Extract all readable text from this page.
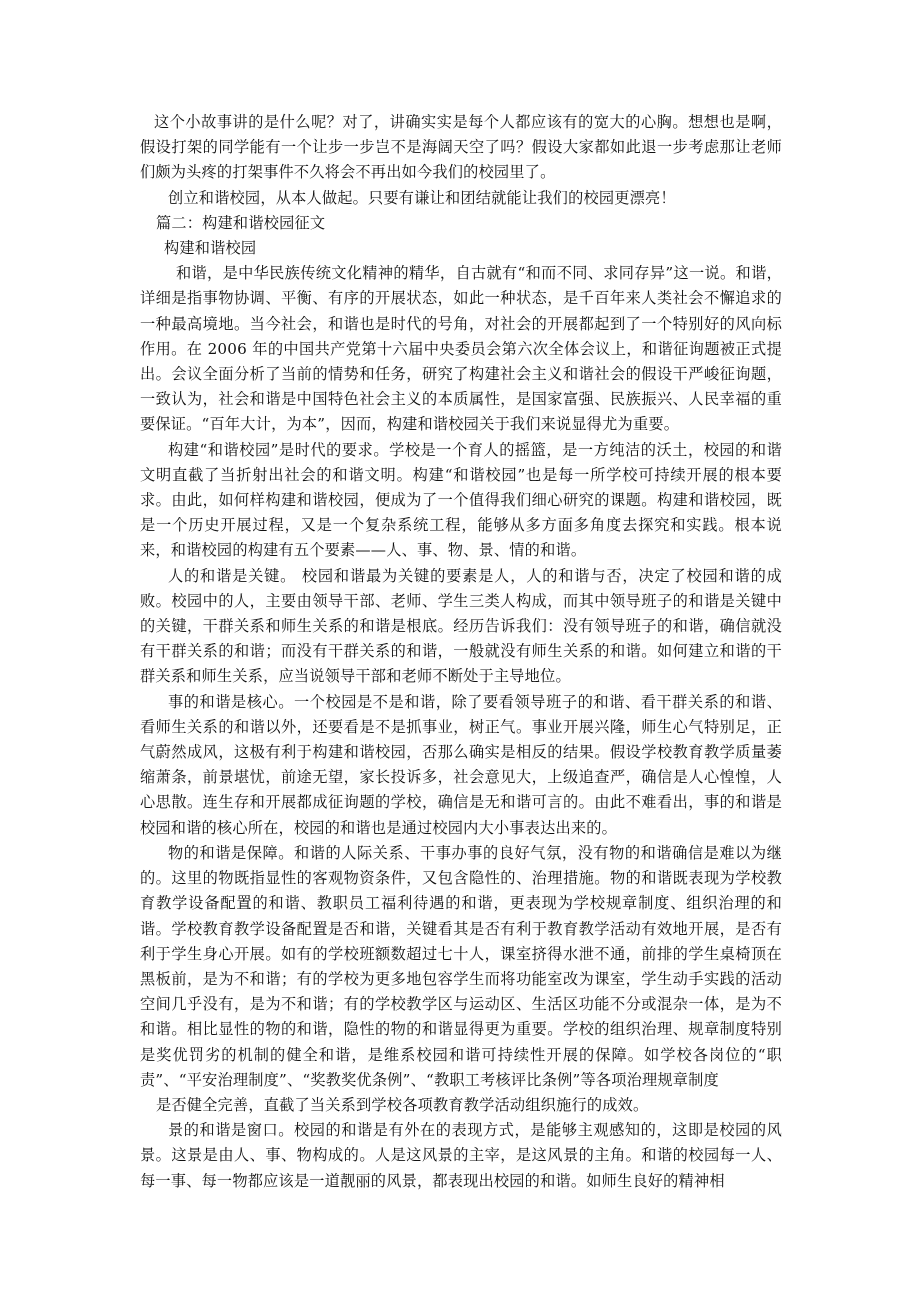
这个小故事讲的是什么呢？对了，讲确实实是每个人都应该有的宽大的心胸。想想也是啊，假设打架的同学能有一个让步一步岂不是海阔天空了吗？假设大家都如此退一步考虑那让老师们颇为头疼的打架事件不久将会不再出如今我们的校园里了。

创立和谐校园，从本人做起。只要有谦让和团结就能让我们的校园更漂亮！

篇二：构建和谐校园征文

构建和谐校园

和谐，是中华民族传统文化精神的精华，自古就有“和而不同、求同存异”这一说。和谐，详细是指事物协调、平衡、有序的开展状态，如此一种状态，是千百年来人类社会不懈追求的一种最高境地。当今社会，和谐也是时代的号角，对社会的开展都起到了一个特别好的风向标作用。在 2006 年的中国共产党第十六届中央委员会第六次全体会议上，和谐征询题被正式提出。会议全面分析了当前的情势和任务，研究了构建社会主义和谐社会的假设干严峻征询题，一致认为，社会和谐是中国特色社会主义的本质属性，是国家富强、民族振兴、人民幸福的重要保证。“百年大计，为本”，因而，构建和谐校园关于我们来说显得尤为重要。

构建“和谐校园”是时代的要求。学校是一个育人的摇篮，是一方纯洁的沃土，校园的和谐文明直截了当折射出社会的和谐文明。构建“和谐校园”也是每一所学校可持续开展的根本要求。由此，如何样构建和谐校园，便成为了一个值得我们细心研究的课题。构建和谐校园，既是一个历史开展过程，又是一个复杂系统工程，能够从多方面多角度去探究和实践。根本说来，和谐校园的构建有五个要素——人、事、物、景、情的和谐。

人的和谐是关键。 校园和谐最为关键的要素是人，人的和谐与否，决定了校园和谐的成败。校园中的人，主要由领导干部、老师、学生三类人构成，而其中领导班子的和谐是关键中的关键，干群关系和师生关系的和谐是根底。经历告诉我们：没有领导班子的和谐，确信就没有干群关系的和谐；而没有干群关系的和谐，一般就没有师生关系的和谐。如何建立和谐的干群关系和师生关系，应当说领导干部和老师不断处于主导地位。

事的和谐是核心。一个校园是不是和谐，除了要看领导班子的和谐、看干群关系的和谐、看师生关系的和谐以外，还要看是不是抓事业，树正气。事业开展兴隆，师生心气特别足，正气蔚然成风，这极有利于构建和谐校园，否那么确实是相反的结果。假设学校教育教学质量萎缩萧条，前景堪忧，前途无望，家长投诉多，社会意见大，上级追查严，确信是人心惶惶，人心思散。连生存和开展都成征询题的学校，确信是无和谐可言的。由此不难看出，事的和谐是校园和谐的核心所在，校园的和谐也是通过校园内大小事表达出来的。

物的和谐是保障。和谐的人际关系、干事办事的良好气氛，没有物的和谐确信是难以为继的。这里的物既指显性的客观物资条件，又包含隐性的、治理措施。物的和谐既表现为学校教育教学设备配置的和谐、教职员工福利待遇的和谐，更表现为学校规章制度、组织治理的和谐。学校教育教学设备配置是否和谐，关键看其是否有利于教育教学活动有效地开展，是否有利于学生身心开展。如有的学校班额数超过七十人，课室挤得水泄不通，前排的学生桌椅顶在黑板前，是为不和谐；有的学校为更多地包容学生而将功能室改为课室，学生动手实践的活动空间几乎没有，是为不和谐；有的学校教学区与运动区、生活区功能不分或混杂一体，是为不和谐。相比显性的物的和谐，隐性的物的和谐显得更为重要。学校的组织治理、规章制度特别是奖优罚劣的机制的健全和谐，是维系校园和谐可持续性开展的保障。如学校各岗位的“职责”、“平安治理制度”、“奖教奖优条例”、“教职工考核评比条例”等各项治理规章制度

是否健全完善，直截了当关系到学校各项教育教学活动组织施行的成效。

景的和谐是窗口。校园的和谐是有外在的表现方式，是能够主观感知的，这即是校园的风景。这景是由人、事、物构成的。人是这风景的主宰，是这风景的主角。和谐的校园每一人、每一事、每一物都应该是一道靓丽的风景，都表现出校园的和谐。如师生良好的精神相
